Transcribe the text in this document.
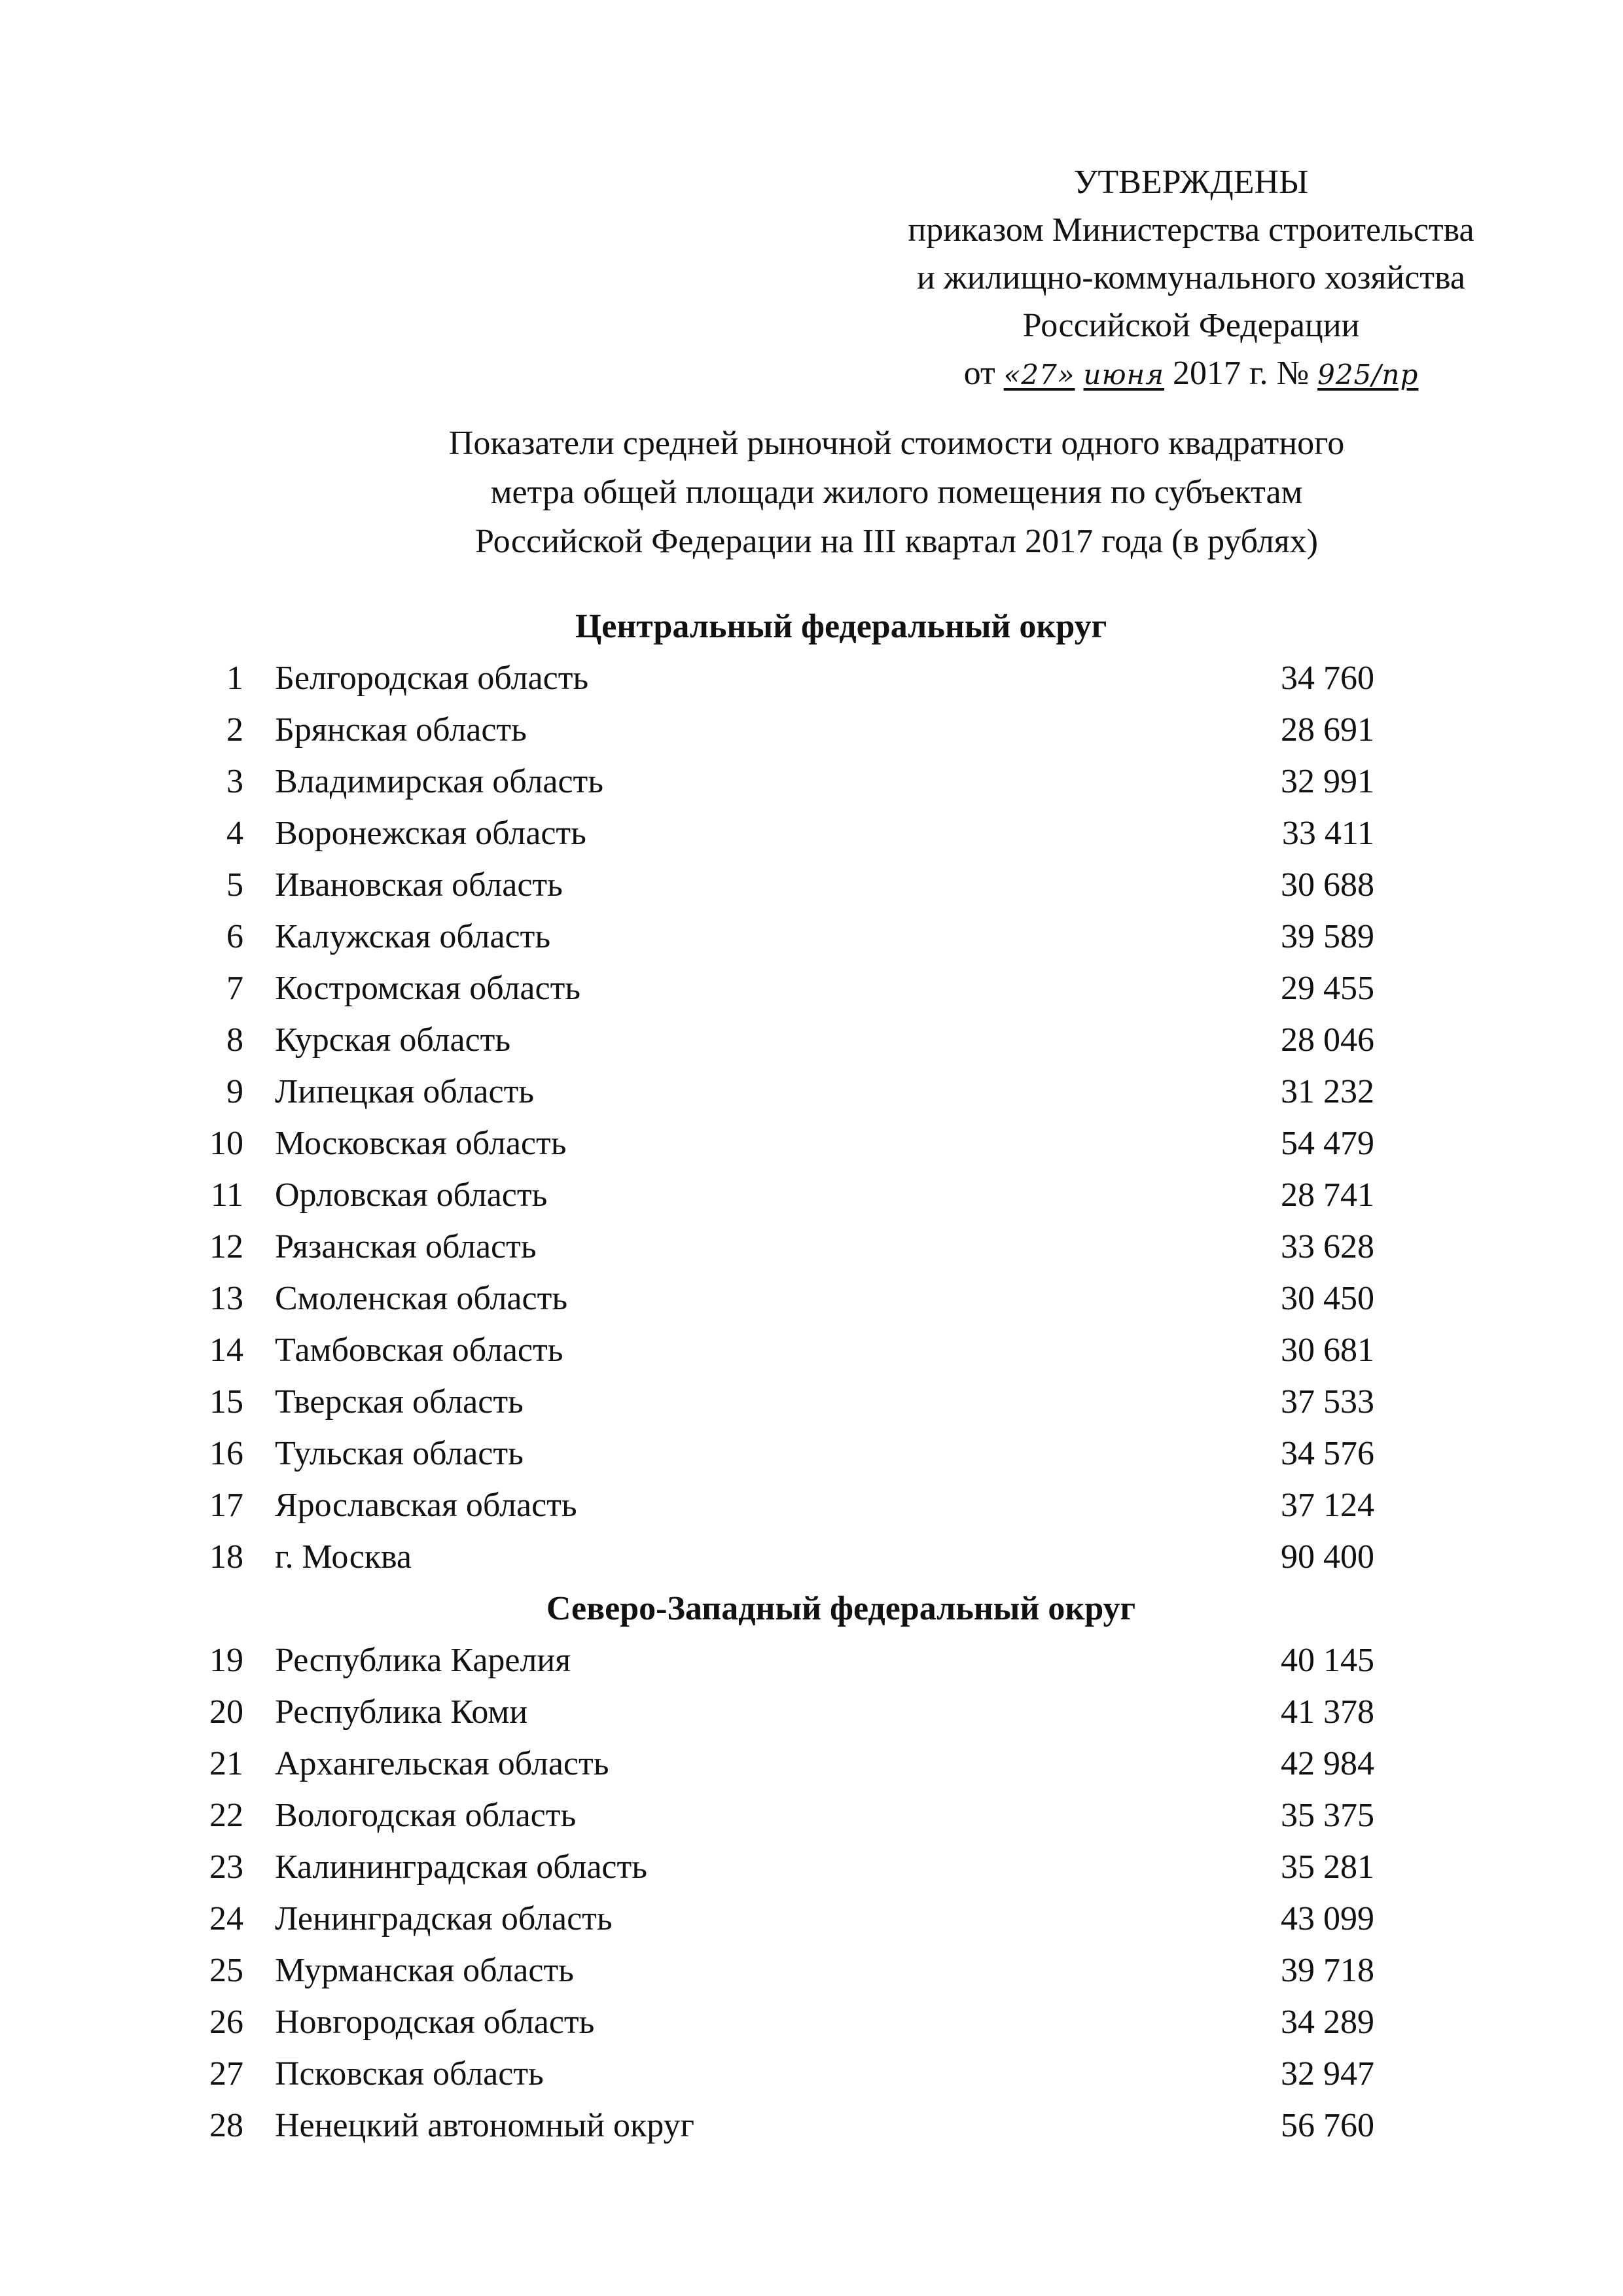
УТВЕРЖДЕНЫ
приказом Министерства строительства
и жилищно-коммунального хозяйства
Российской Федерации
от «27» июня 2017 г. № 925/пр
Показатели средней рыночной стоимости одного квадратного
метра общей площади жилого помещения по субъектам
Российской Федерации на III квартал 2017 года (в рублях)
Центральный федеральный округ
1 Белгородская область	34 760
2 Брянская область	28 691
3 Владимирская область	32 991
4 Воронежская область	33 411
5 Ивановская область	30 688
6 Калужская область	39 589
7 Костромская область	29 455
8 Курская область	28 046
9 Липецкая область	31 232
10 Московская область	54 479
11 Орловская область	28 741
12 Рязанская область	33 628
13 Смоленская область	30 450
14 Тамбовская область	30 681
15 Тверская область	37 533
16 Тульская область	34 576
17 Ярославская область	37 124
18 г. Москва	90 400
Северо-Западный федеральный округ
19 Республика Карелия	40 145
20 Республика Коми	41 378
21 Архангельская область	42 984
22 Вологодская область	35 375
23 Калининградская область	35 281
24 Ленинградская область	43 099
25 Мурманская область	39 718
26 Новгородская область	34 289
27 Псковская область	32 947
28 Ненецкий автономный округ	56 760
